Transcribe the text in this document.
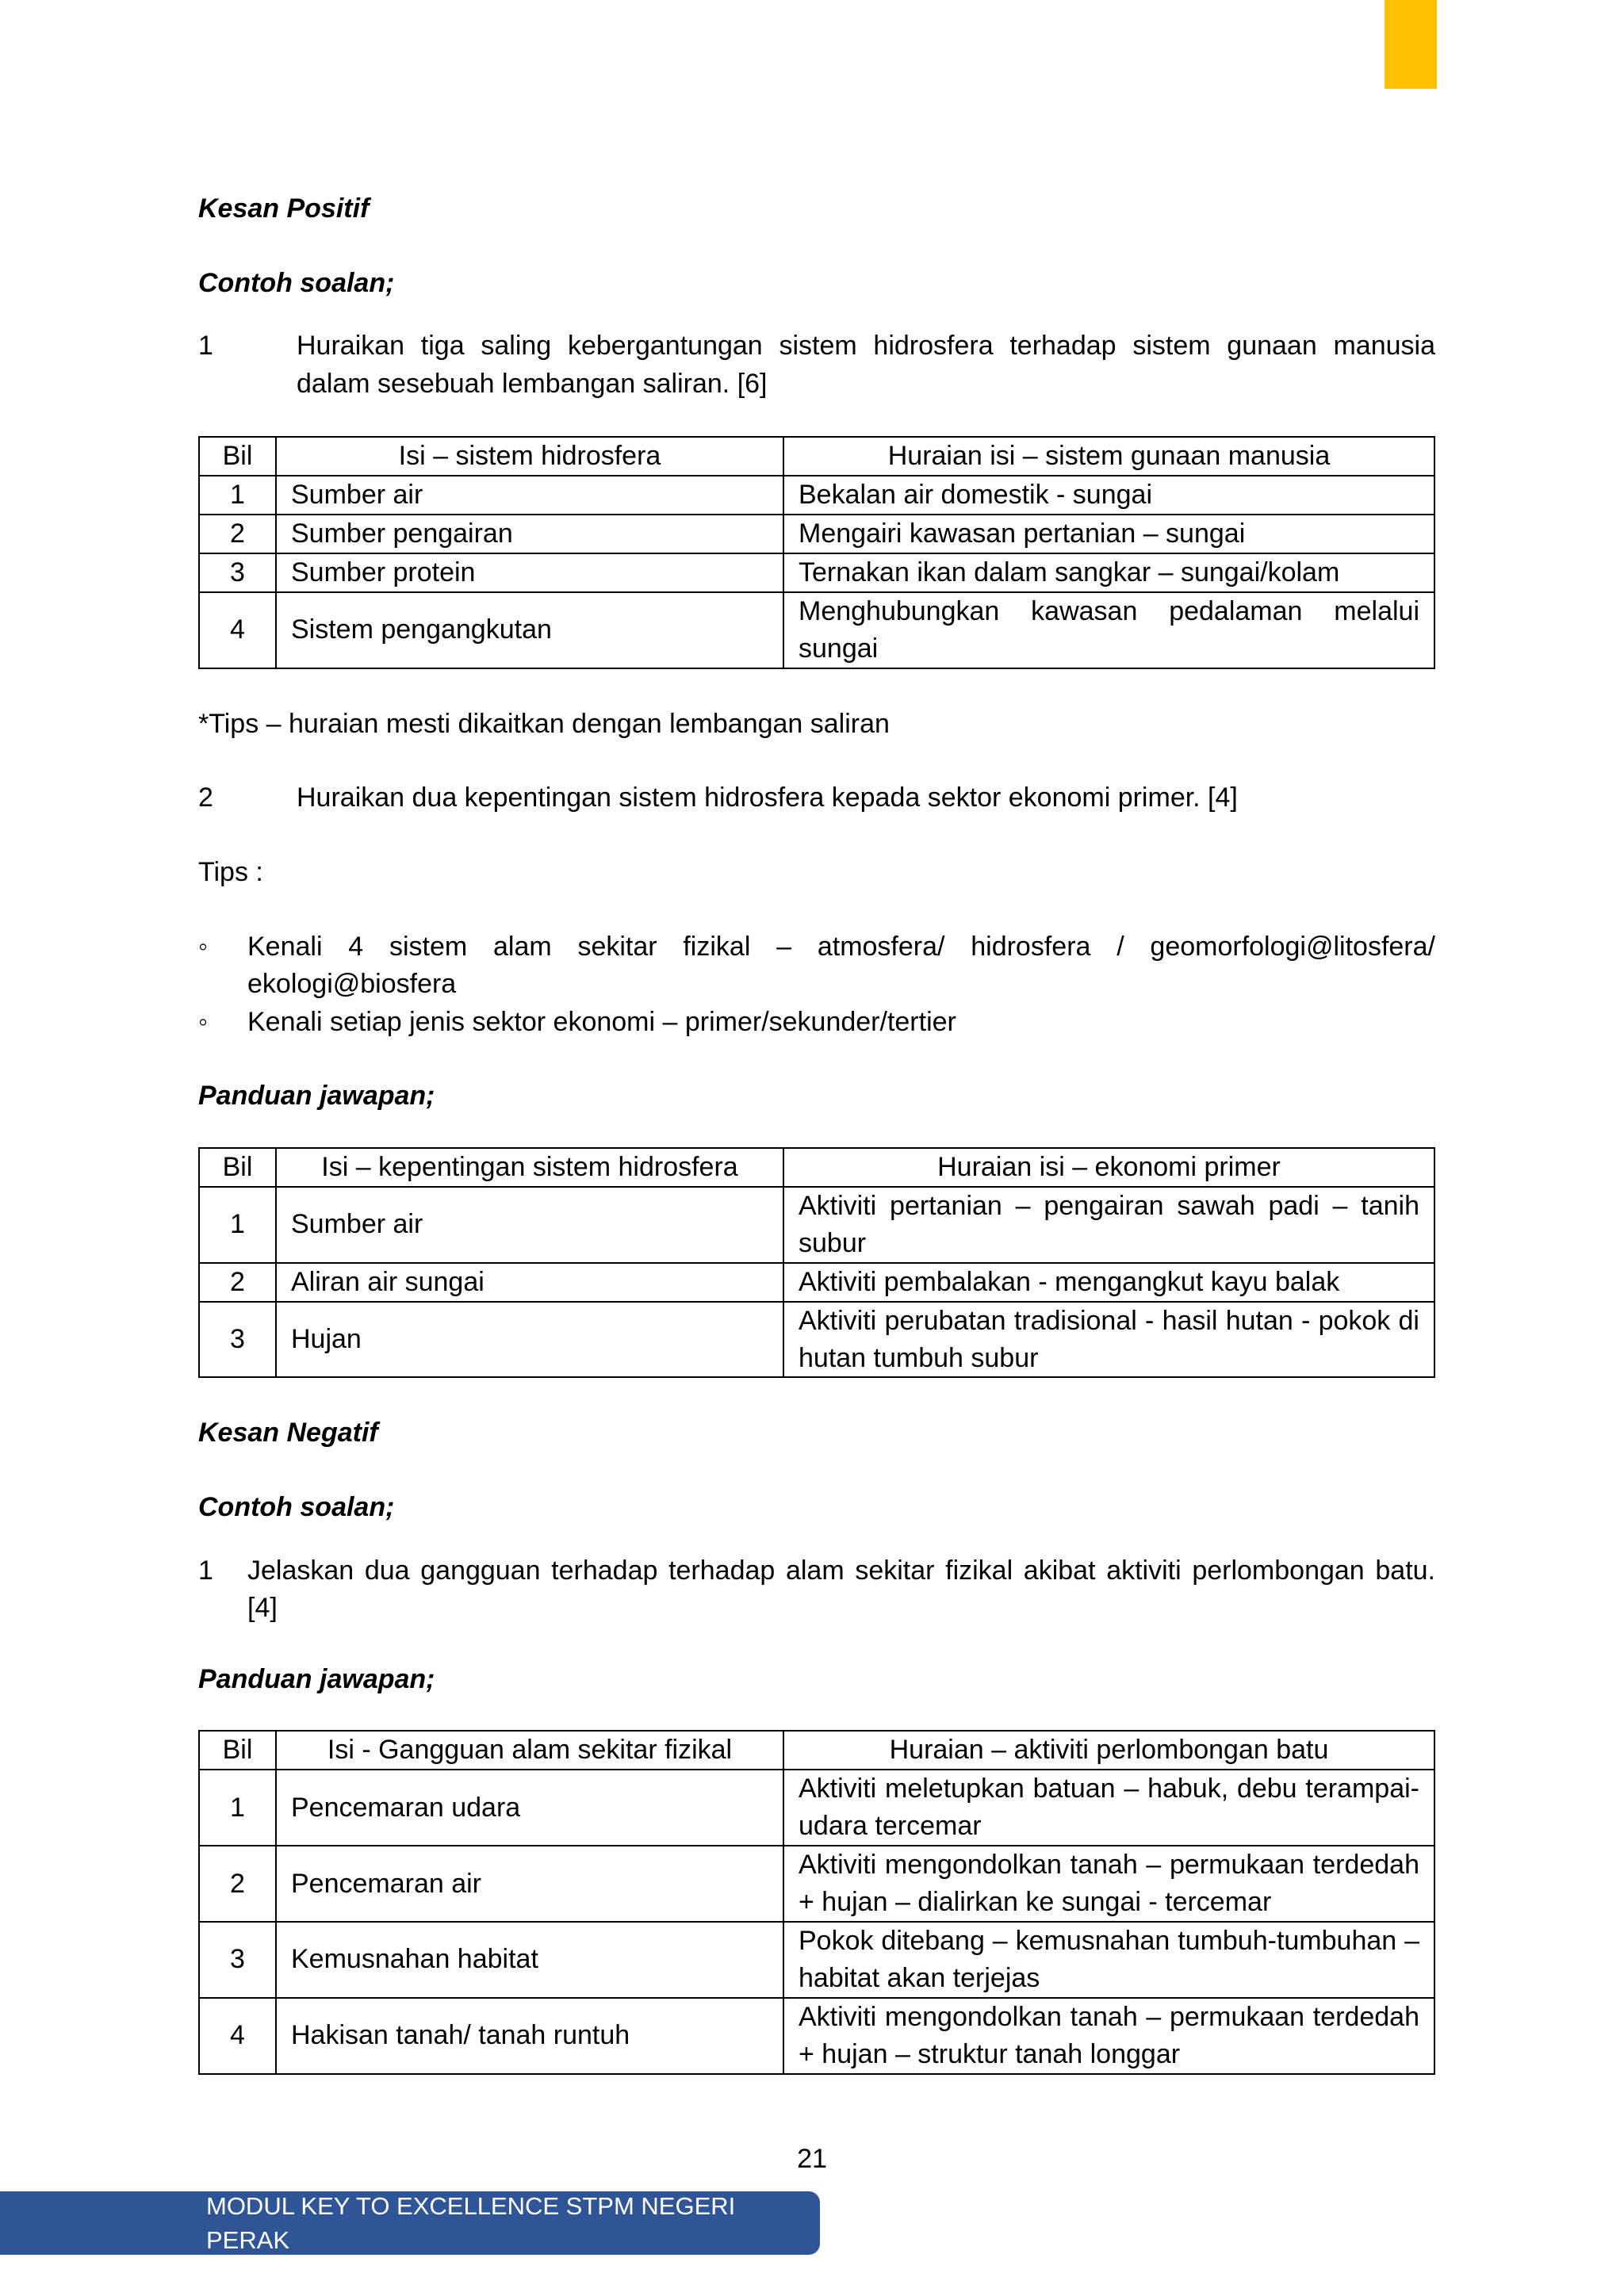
Kesan Positif
Contoh soalan;
1	Huraikan tiga saling kebergantungan sistem hidrosfera terhadap sistem gunaan manusia dalam sesebuah lembangan saliran. [6]
Bil	Isi – sistem hidrosfera	Huraian isi – sistem gunaan manusia
1	Sumber air	Bekalan air domestik - sungai
2	Sumber pengairan	Mengairi kawasan pertanian – sungai
3	Sumber protein	Ternakan ikan dalam sangkar – sungai/kolam
4	Sistem pengangkutan	Menghubungkan kawasan pedalaman melalui sungai
*Tips – huraian mesti dikaitkan dengan lembangan saliran
2	Huraikan dua kepentingan sistem hidrosfera kepada sektor ekonomi primer. [4]
Tips :
◦	Kenali 4 sistem alam sekitar fizikal – atmosfera/ hidrosfera / geomorfologi@litosfera/ ekologi@biosfera
◦	Kenali setiap jenis sektor ekonomi – primer/sekunder/tertier
Panduan jawapan;
Bil	Isi – kepentingan sistem hidrosfera	Huraian isi – ekonomi primer
1	Sumber air	Aktiviti pertanian – pengairan sawah padi – tanih subur
2	Aliran air sungai	Aktiviti pembalakan - mengangkut kayu balak
3	Hujan	Aktiviti perubatan tradisional - hasil hutan - pokok di hutan tumbuh subur
Kesan Negatif
Contoh soalan;
1	Jelaskan dua gangguan terhadap terhadap alam sekitar fizikal akibat aktiviti perlombongan batu. [4]
Panduan jawapan;
Bil	Isi - Gangguan alam sekitar fizikal	Huraian – aktiviti perlombongan batu
1	Pencemaran udara	Aktiviti meletupkan batuan – habuk, debu terampai- udara tercemar
2	Pencemaran air	Aktiviti mengondolkan tanah – permukaan terdedah + hujan – dialirkan ke sungai - tercemar
3	Kemusnahan habitat	Pokok ditebang – kemusnahan tumbuh-tumbuhan – habitat akan terjejas
4	Hakisan tanah/ tanah runtuh	Aktiviti mengondolkan tanah – permukaan terdedah + hujan – struktur tanah longgar
21
MODUL KEY TO EXCELLENCE STPM NEGERI PERAK
